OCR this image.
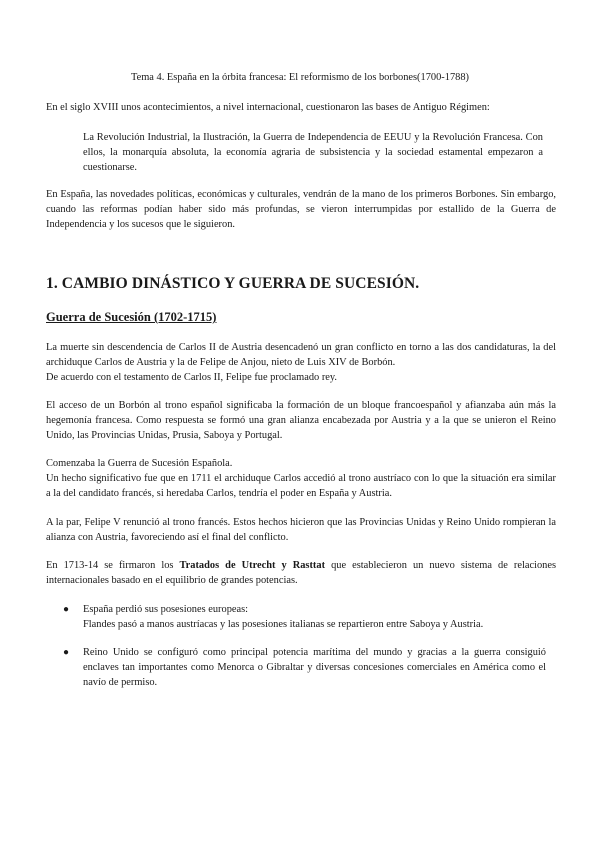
Tema 4. España en la órbita francesa: El reformismo de los borbones(1700-1788)

En el siglo XVIII unos acontecimientos, a nivel internacional, cuestionaron las bases de Antiguo Régimen:

La Revolución Industrial, la Ilustración, la Guerra de Independencia de EEUU y la Revolución Francesa. Con ellos, la monarquía absoluta, la economía agraria de subsistencia y la sociedad estamental empezaron a cuestionarse.

En España, las novedades políticas, económicas y culturales, vendrán de la mano de los primeros Borbones. Sin embargo, cuando las reformas podían haber sido más profundas, se vieron interrumpidas por estallido de la Guerra de Independencia y los sucesos que le siguieron.

1. CAMBIO DINÁSTICO Y GUERRA DE SUCESIÓN.
Guerra de Sucesión (1702-1715)

La muerte sin descendencia de Carlos II de Austria desencadenó un gran conflicto en torno a las dos candidaturas, la del archiduque Carlos de Austria y la de Felipe de Anjou, nieto de Luis XIV de Borbón.
De acuerdo con el testamento de Carlos II, Felipe fue proclamado rey.

El acceso de un Borbón al trono español significaba la formación de un bloque francoespañol y afianzaba aún más la hegemonía francesa. Como respuesta se formó una gran alianza encabezada por Austria y a la que se unieron el Reino Unido, las Provincias Unidas, Prusia, Saboya y Portugal.

Comenzaba la Guerra de Sucesión Española.
Un hecho significativo fue que en 1711 el archiduque Carlos accedió al trono austríaco con lo que la situación era similar a la del candidato francés, si heredaba Carlos, tendría el poder en España y Austria.

A la par, Felipe V renunció al trono francés. Estos hechos hicieron que las Provincias Unidas y Reino Unido rompieran la alianza con Austria, favoreciendo así el final del conflicto.

En 1713-14 se firmaron los Tratados de Utrecht y Rasttat que establecieron un nuevo sistema de relaciones internacionales basado en el equilibrio de grandes potencias.

● España perdió sus posesiones europeas:
Flandes pasó a manos austríacas y las posesiones italianas se repartieron entre Saboya y Austria.

● Reino Unido se configuró como principal potencia marítima del mundo y gracias a la guerra consiguió enclaves tan importantes como Menorca o Gibraltar y diversas concesiones comerciales en América como el navío de permiso.
